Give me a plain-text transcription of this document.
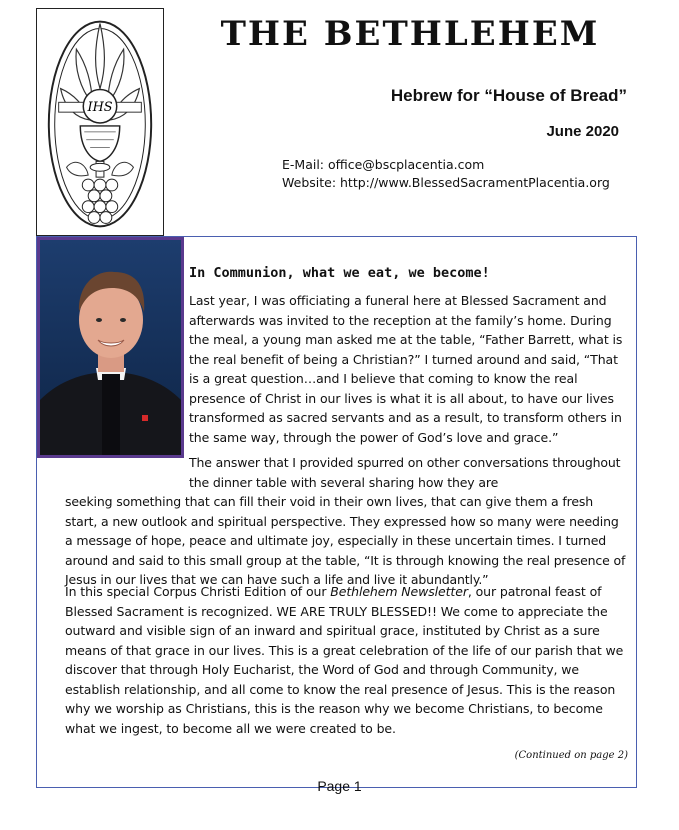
IHS
THE BETHLEHEM
Hebrew for “House of Bread”
June 2020
E-Mail: office@bscplacentia.com
Website: http://www.BlessedSacramentPlacentia.org
In Communion, what we eat, we become!

Last year, I was officiating a funeral here at Blessed Sacrament and afterwards was invited to the reception at the family’s home. During the meal, a young man asked me at the table, “Father Barrett, what is the real benefit of being a Christian?” I turned around and said, “That is a great question…and I believe that coming to know the real presence of Christ in our lives is what it is all about, to have our lives transformed as sacred servants and as a result, to transform others in the same way, through the power of God’s love and grace.”

The answer that I provided spurred on other conversations throughout the dinner table with several sharing how they are
seeking something that can fill their void in their own lives, that can give them a fresh start, a new outlook and spiritual perspective. They expressed how so many were needing a message of hope, peace and ultimate joy, especially in these uncertain times. I turned around and said to this small group at the table, “It is through knowing the real presence of Jesus in our lives that we can have such a life and live it abundantly.”
In this special Corpus Christi Edition of our Bethlehem Newsletter, our patronal feast of Blessed Sacrament is recognized. WE ARE TRULY BLESSED!! We come to appreciate the outward and visible sign of an inward and spiritual grace, instituted by Christ as a sure means of that grace in our lives. This is a great celebration of the life of our parish that we discover that through Holy Eucharist, the Word of God and through Community, we establish relationship, and all come to know the real presence of Jesus. This is the reason why we worship as Christians, this is the reason why we become Christians, to become what we ingest, to become all we were created to be.
(Continued on page 2)
Page 1
